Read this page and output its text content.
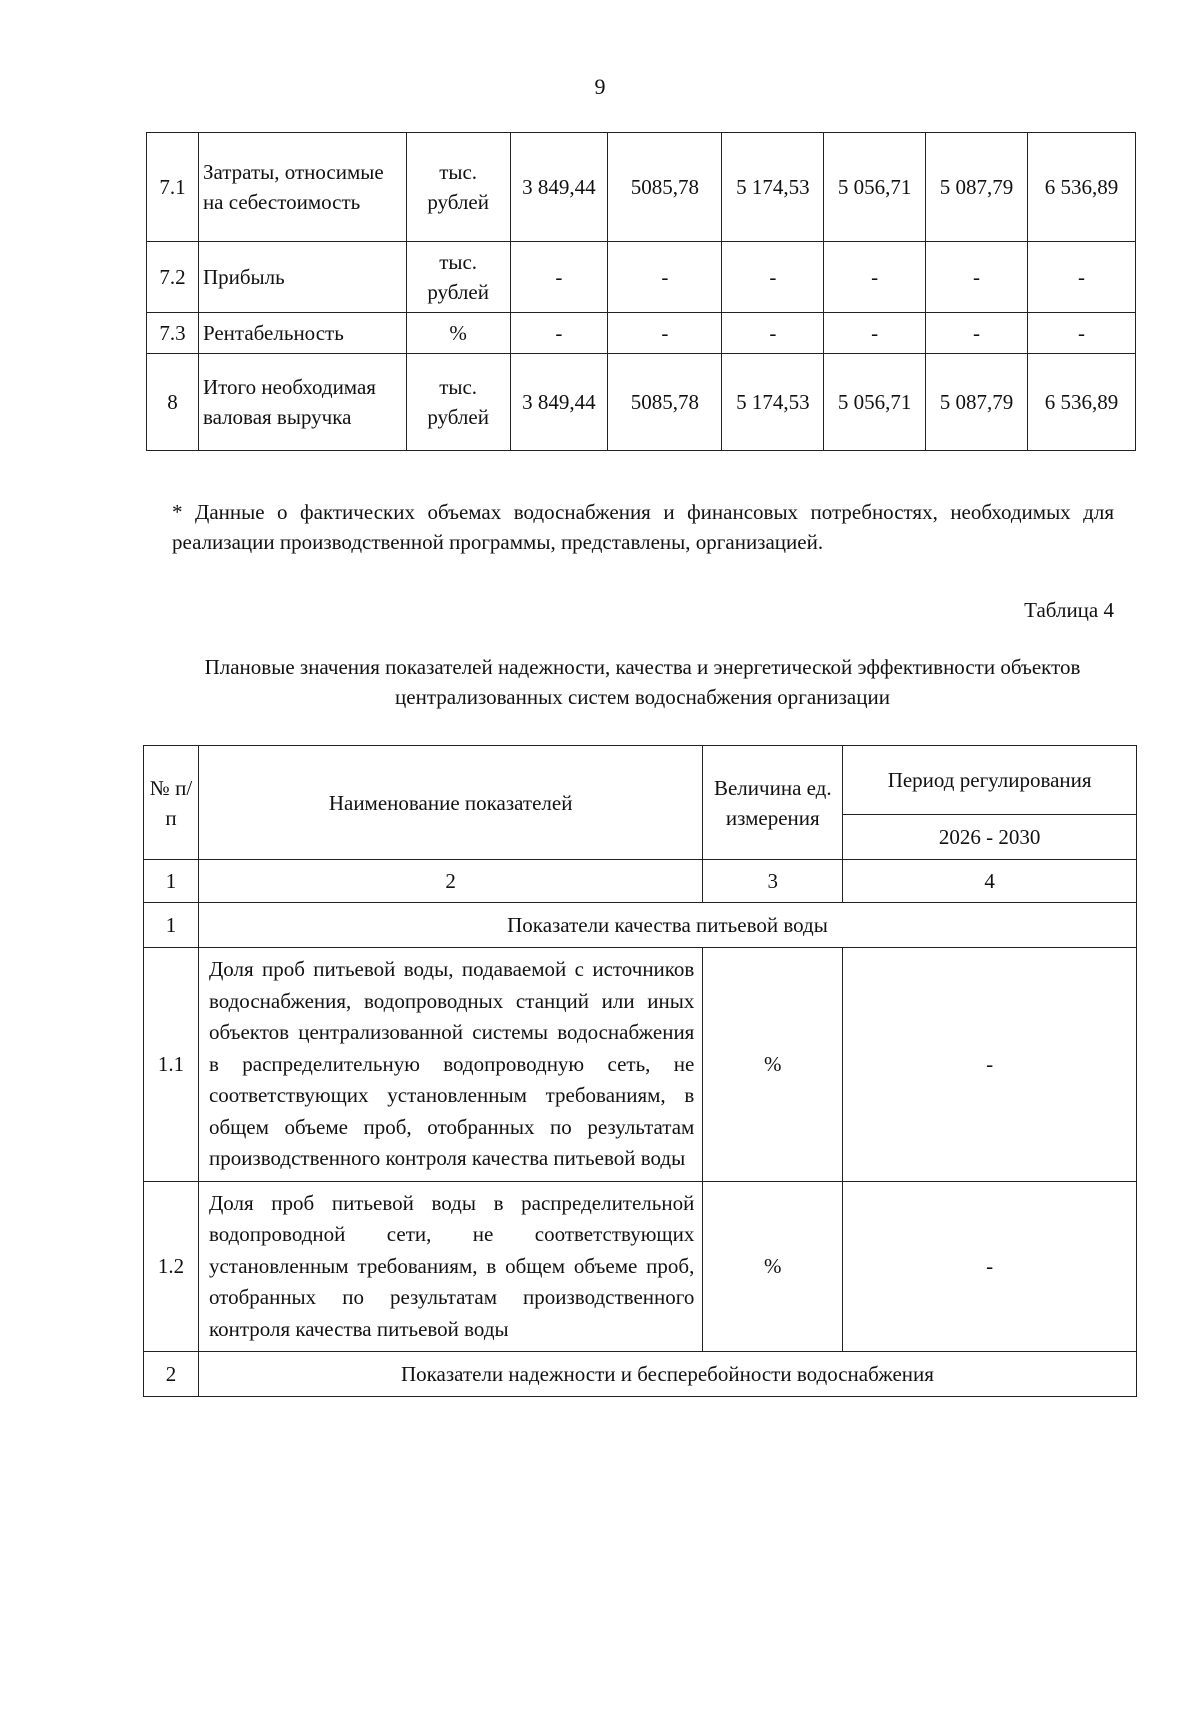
9
7.1	Затраты, относимые на себестоимость	тыс. рублей	3 849,44	5085,78	5 174,53	5 056,71	5 087,79	6 536,89
7.2	Прибыль	тыс. рублей	-	-	-	-	-	-
7.3	Рентабельность	%	-	-	-	-	-	-
8	Итого необходимая валовая выручка	тыс. рублей	3 849,44	5085,78	5 174,53	5 056,71	5 087,79	6 536,89

* Данные о фактических объемах водоснабжения и финансовых потребностях, необходимых для реализации производственной программы, представлены, организацией.

Таблица 4

Плановые значения показателей надежности, качества и энергетической эффективности объектов централизованных систем водоснабжения организации

№ п/п	Наименование показателей	Величина ед. измерения	Период регулирования
			2026 - 2030
1	2	3	4
1	Показатели качества питьевой воды		
1.1	Доля проб питьевой воды, подаваемой с источников водоснабжения, водопроводных станций или иных объектов централизованной системы водоснабжения в распределительную водопроводную сеть, не соответствующих установленным требованиям, в общем объеме проб, отобранных по результатам производственного контроля качества питьевой воды	%	-
1.2	Доля проб питьевой воды в распределительной водопроводной сети, не соответствующих установленным требованиям, в общем объеме проб, отобранных по результатам производственного контроля качества питьевой воды	%	-
2	Показатели надежности и бесперебойности водоснабжения		
